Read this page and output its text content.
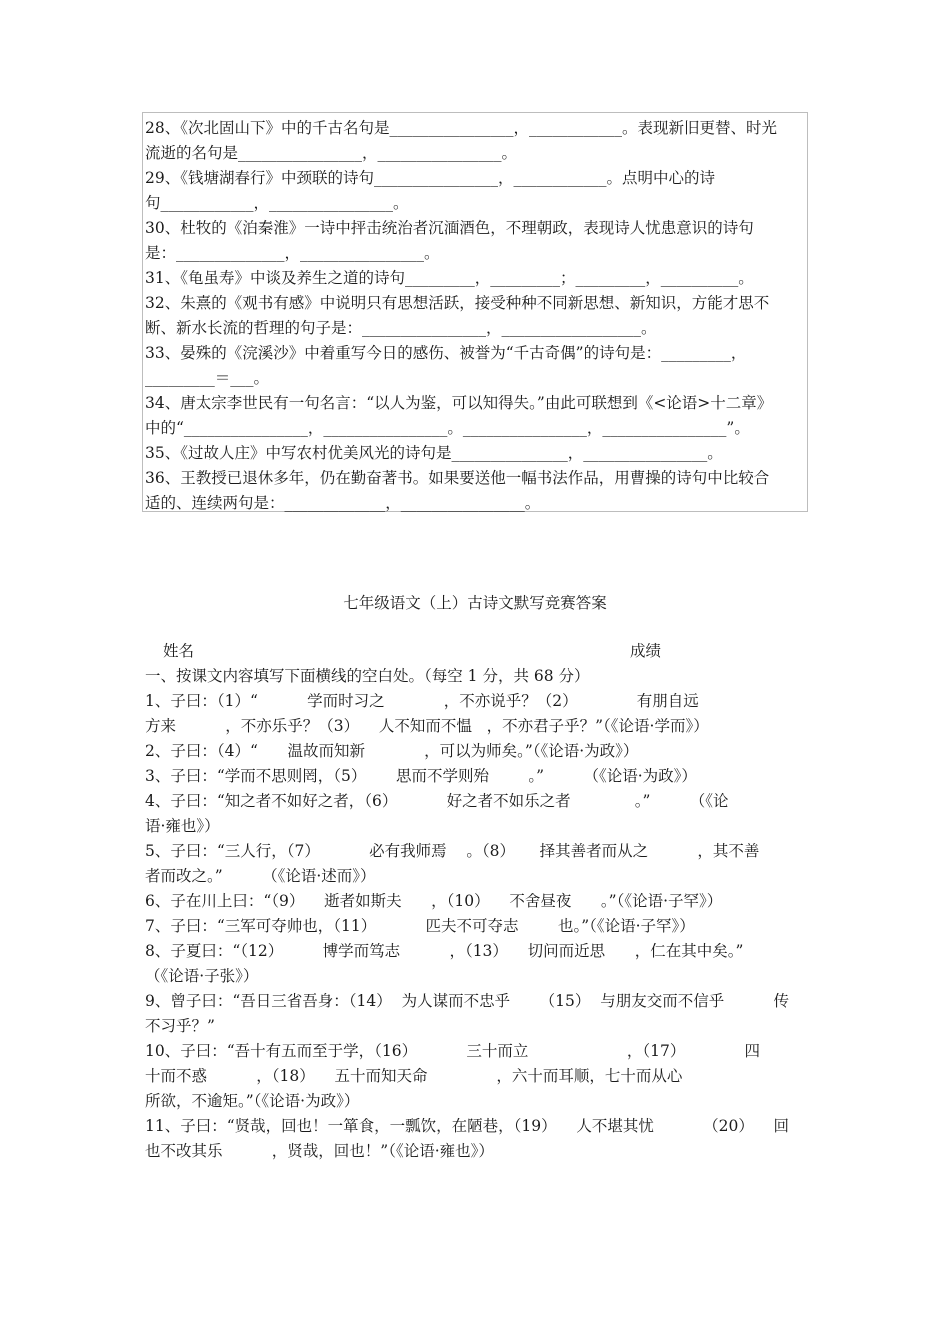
28、《次北固山下》中的千古名句是________________，____________。表现新旧更替、时光
流逝的名句是________________，________________。
29、《钱塘湖春行》中颈联的诗句________________，____________。点明中心的诗
句____________，________________。
30、杜牧的《泊秦淮》一诗中抨击统治者沉湎酒色，不理朝政，表现诗人忧患意识的诗句
是：______________，________________。
31、《龟虽寿》中谈及养生之道的诗句_________，_________；_________，__________。
32、朱熹的《观书有感》中说明只有思想活跃，接受种种不同新思想、新知识，方能才思不
断、新水长流的哲理的句子是：________________，__________________。
33、晏殊的《浣溪沙》中着重写今日的感伤、被誉为“千古奇偶”的诗句是：_________，
_________＝___。
34、唐太宗李世民有一句名言：“以人为鉴，可以知得失。”由此可联想到《<论语>十二章》
中的“________________，________________。________________，________________”。
35、《过故人庄》中写农村优美风光的诗句是_______________，________________。
36、王教授已退休多年，仍在勤奋著书。如果要送他一幅书法作品，用曹操的诗句中比较合
适的、连续两句是：_____________，________________。
七年级语文（上）古诗文默写竞赛答案
姓名	成绩
一、按课文内容填写下面横线的空白处。（每空 1 分，共 68 分）
1、子曰：（1）“          学而时习之            ，不亦说乎？（2）            有朋自远
方来          ，不亦乐乎？（3）    人不知而不愠   ，不亦君子乎？”（《论语·学而》）
2、子曰：（4）“      温故而知新            ，可以为师矣。”（《论语·为政》）
3、子曰：“学而不思则罔，（5）      思而不学则殆        。”        （《论语·为政》）
4、子曰：“知之者不如好之者，（6）          好之者不如乐之者             。”        （《论
语·雍也》）
5、子曰：“三人行，（7）          必有我师焉    。（8）     择其善者而从之          ，其不善
者而改之。”        （《论语·述而》）
6、子在川上曰：“（9）    逝者如斯夫      ，（10）    不舍昼夜      。”（《论语·子罕》）
7、子曰：“三军可夺帅也，（11）          匹夫不可夺志        也。”（《论语·子罕》）
8、子夏曰：“（12）        博学而笃志          ，（13）    切问而近思      ，仁在其中矣。”
（《论语·子张》）
9、曾子曰：“吾日三省吾身：（14）  为人谋而不忠乎      （15）  与朋友交而不信乎          传
不习乎？”
10、子曰：“吾十有五而至于学，（16）          三十而立                    ，（17）            四
十而不惑          ，（18）    五十而知天命              ，六十而耳顺，七十而从心
所欲，不逾矩。”（《论语·为政》）
11、子曰：“贤哉，回也！一箪食，一瓢饮，在陋巷，（19）    人不堪其忧          （20）    回
也不改其乐          ，贤哉，回也！”（《论语·雍也》）
